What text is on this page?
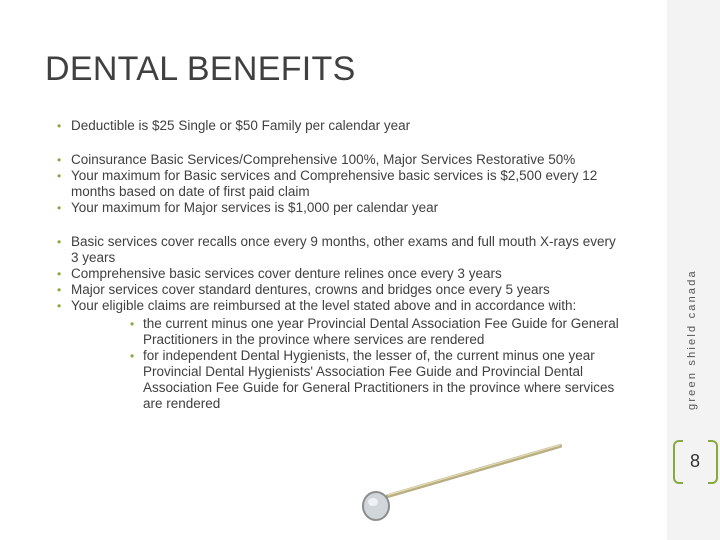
DENTAL BENEFITS
• Deductible is $25 Single or $50 Family per calendar year
• Coinsurance Basic Services/Comprehensive 100%, Major Services Restorative 50%
• Your maximum for Basic services and Comprehensive basic services is $2,500 every 12 months based on date of first paid claim
• Your maximum for Major services is $1,000 per calendar year
• Basic services cover recalls once every 9 months, other exams and full mouth X-rays every 3 years
• Comprehensive basic services cover denture relines once every 3 years
• Major services cover standard dentures, crowns and bridges once every 5 years
• Your eligible claims are reimbursed at the level stated above and in accordance with:
• the current minus one year Provincial Dental Association Fee Guide for General Practitioners in the province where services are rendered
• for independent Dental Hygienists, the lesser of, the current minus one year Provincial Dental Hygienists' Association Fee Guide and Provincial Dental Association Fee Guide for General Practitioners in the province where services are rendered	green shield canada
8
